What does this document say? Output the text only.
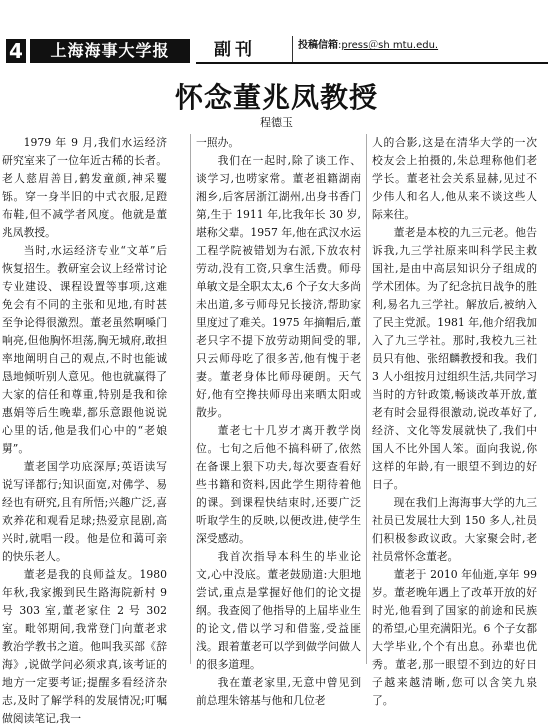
4	上海海事大学报	副刊	投稿信箱:press＠sh mtu.edu.
怀念董兆凤教授
程德玉

1979 年 9 月,我们水运经济研究室来了一位年近古稀的长者。老人慈眉善目,鹤发童颜,神采矍铄。穿一身半旧的中式衣服,足蹬布鞋,但不减学者风度。他就是董兆凤教授。

当时,水运经济专业“文革”后恢复招生。教研室会议上经常讨论专业建设、课程设置等事项,这难免会有不同的主张和见地,有时甚至争论得很激烈。董老虽然啊嗓门响亮,但他胸怀坦荡,胸无城府,敢担率地阐明自己的观点,不时也能诚恳地倾听别人意见。他也就赢得了大家的信任和尊重,特别是我和徐惠娟等后生晚辈,都乐意跟他说说心里的话,他是我们心中的“老娘舅”。

董老国学功底深厚;英语读写说写译都行;知识面宽,对佛学、易经也有研究,且有所悟;兴趣广泛,喜欢养花和观看足球;热爱京昆剧,高兴时,就唱一段。他是位和蔼可亲的快乐老人。

董老是我的良师益友。1980 年秋,我家搬到民生路海院新村 9 号 303 室,董老家住 2 号 302 室。毗邻期间,我常登门向董老求教治学教书之道。他叫我买部《辞海》,说做学问必须求真,该考证的地方一定要考证;提醒多看经济杂志,及时了解学科的发展情况;叮嘱做阅读笔记,我一

一照办。

我们在一起时,除了谈工作、谈学习,也唠家常。董老祖籍湖南湘乡,后客居浙江湖州,出身书香门第,生于 1911 年,比我年长 30 岁,堪称父辈。1957 年,他在武汉水运工程学院被错划为右派,下放农村劳动,没有工资,只拿生活费。师母单敏文是全职太太,6 个子女大多尚未出道,多亏师母兄长接济,帮助家里度过了难关。1975 年摘帽后,董老只字不提下放劳动期间受的罪,只云师母吃了很多苦,他有愧于老妻。董老身体比师母硬朗。天气好,他有空搀扶师母出来晒太阳或散步。

董老七十几岁才离开教学岗位。七旬之后他不搞科研了,依然在备课上狠下功夫,每次要查看好些书籍和资料,因此学生期待着他的课。到课程快结束时,还要广泛听取学生的反映,以便改进,使学生深受感动。

我首次指导本科生的毕业论文,心中没底。董老鼓励道:大胆地尝试,重点是掌握好他们的论文提纲。我查阅了他指导的上届毕业生的论文,借以学习和借鉴,受益匪浅。跟着董老可以学到做学问做人的很多道理。

我在董老家里,无意中曾见到前总理朱镕基与他和几位老

人的合影,这是在清华大学的一次校友会上拍摄的,朱总理称他们老学长。董老社会关系显赫,见过不少伟人和名人,他从来不谈这些人际来往。

董老是本校的九三元老。他告诉我,九三学社原来叫科学民主救国社,是由中高层知识分子组成的学术团体。为了纪念抗日战争的胜利,易名九三学社。解放后,被纳入了民主党派。1981 年,他介绍我加入了九三学社。那时,我校九三社员只有他、张绍麟教授和我。我们 3 人小组按月过组织生活,共同学习当时的方针政策,畅谈改革开放,董老有时会显得很激动,说改革好了,经济、文化等发展就快了,我们中国人不比外国人笨。面向我说,你这样的年龄,有一眼望不到边的好日子。

现在我们上海海事大学的九三社员已发展壮大到 150 多人,社员们积极参政议政。大家聚会时,老社员常怀念董老。

董老于 2010 年仙逝,享年 99 岁。董老晚年遇上了改革开放的好时光,他看到了国家的前途和民族的希望,心里充满阳光。6 个子女都大学毕业,个个有出息。孙辈也优秀。董老,那一眼望不到边的好日子越来越清晰,您可以含笑九泉了。
